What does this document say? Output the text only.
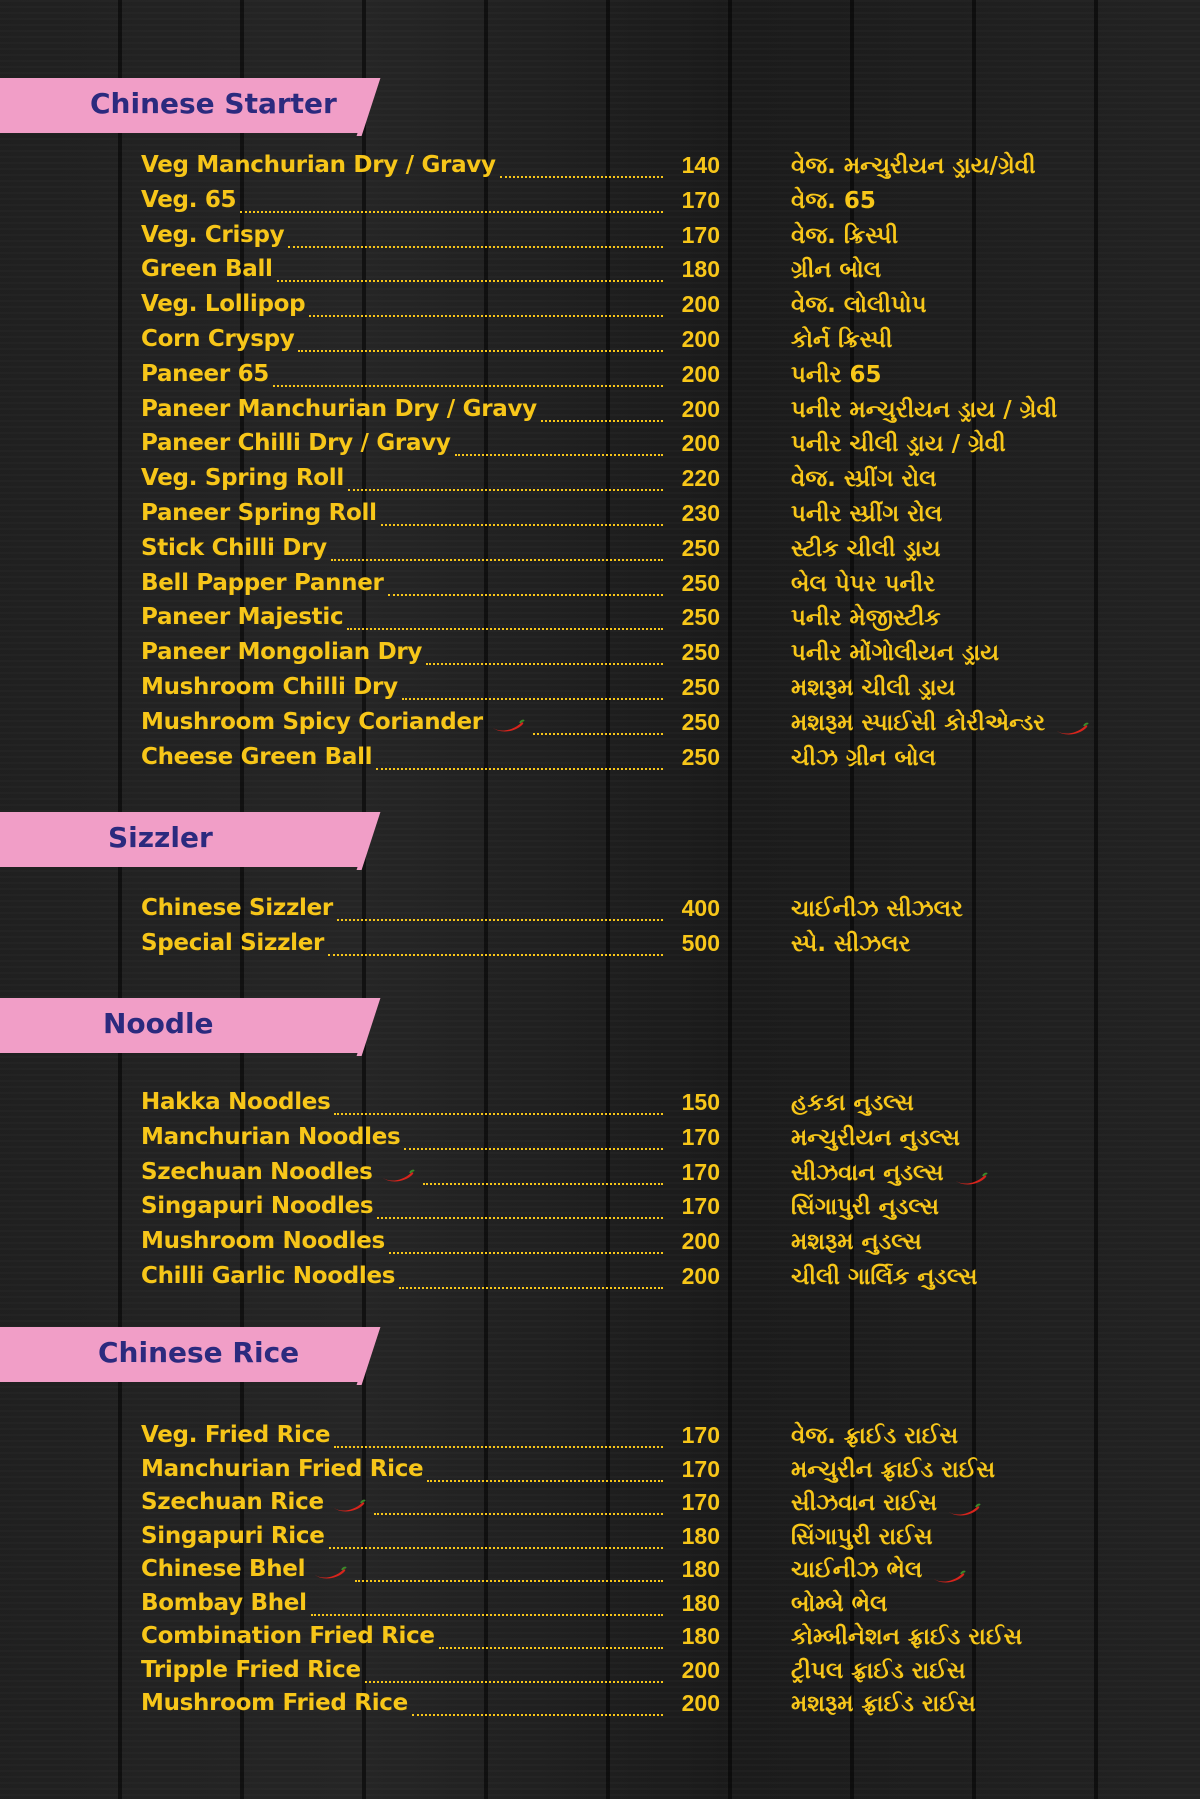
Chinese Starter
Veg Manchurian Dry / Gravy	140	વેજ. મન્ચુરીયન ડ્રાય/ગ્રેવી
Veg. 65	170	વેજ. 65
Veg. Crispy	170	વેજ. ક્રિસ્પી
Green Ball	180	ગ્રીન બોલ
Veg. Lollipop	200	વેજ. લોલીપોપ
Corn Cryspy	200	કોર્ન ક્રિસ્પી
Paneer 65	200	પનીર 65
Paneer Manchurian Dry / Gravy	200	પનીર મન્ચુરીયન ડ્રાય / ગ્રેવી
Paneer Chilli Dry / Gravy	200	પનીર ચીલી ડ્રાય / ગ્રેવી
Veg. Spring Roll	220	વેજ. સ્પ્રીંગ રોલ
Paneer Spring Roll	230	પનીર સ્પ્રીંગ રોલ
Stick Chilli Dry	250	સ્ટીક ચીલી ડ્રાય
Bell Papper Panner	250	બેલ પેપર પનીર
Paneer Majestic	250	પનીર મેજીસ્ટીક
Paneer Mongolian Dry	250	પનીર મોંગોલીયન ડ્રાય
Mushroom Chilli Dry	250	મશરૂમ ચીલી ડ્રાય
Mushroom Spicy Coriander	250	મશરૂમ સ્પાઈસી કોરીએન્ડર
Cheese Green Ball	250	ચીઝ ગ્રીન બોલ
Sizzler
Chinese Sizzler	400	ચાઈનીઝ સીઝલર
Special Sizzler	500	સ્પે. સીઝલર
Noodle
Hakka Noodles	150	હકકા નુડલ્સ
Manchurian Noodles	170	મન્ચુરીયન નુડલ્સ
Szechuan Noodles	170	સીઝવાન નુડલ્સ
Singapuri Noodles	170	સિંગાપુરી નુડલ્સ
Mushroom Noodles	200	મશરૂમ નુડલ્સ
Chilli Garlic Noodles	200	ચીલી ગાર્લિક નુડલ્સ
Chinese Rice
Veg. Fried Rice	170	વેજ. ફ્રાઈડ રાઈસ
Manchurian Fried Rice	170	મન્ચુરીન ફ્રાઈડ રાઈસ
Szechuan Rice	170	સીઝવાન રાઈસ
Singapuri Rice	180	સિંગાપુરી રાઈસ
Chinese Bhel	180	ચાઈનીઝ ભેલ
Bombay Bhel	180	બોમ્બે ભેલ
Combination Fried Rice	180	કોમ્બીનેશન ફ્રાઈડ રાઈસ
Tripple Fried Rice	200	ટ્રીપલ ફ્રાઈડ રાઈસ
Mushroom Fried Rice	200	મશરૂમ ફ્રાઈડ રાઈસ
